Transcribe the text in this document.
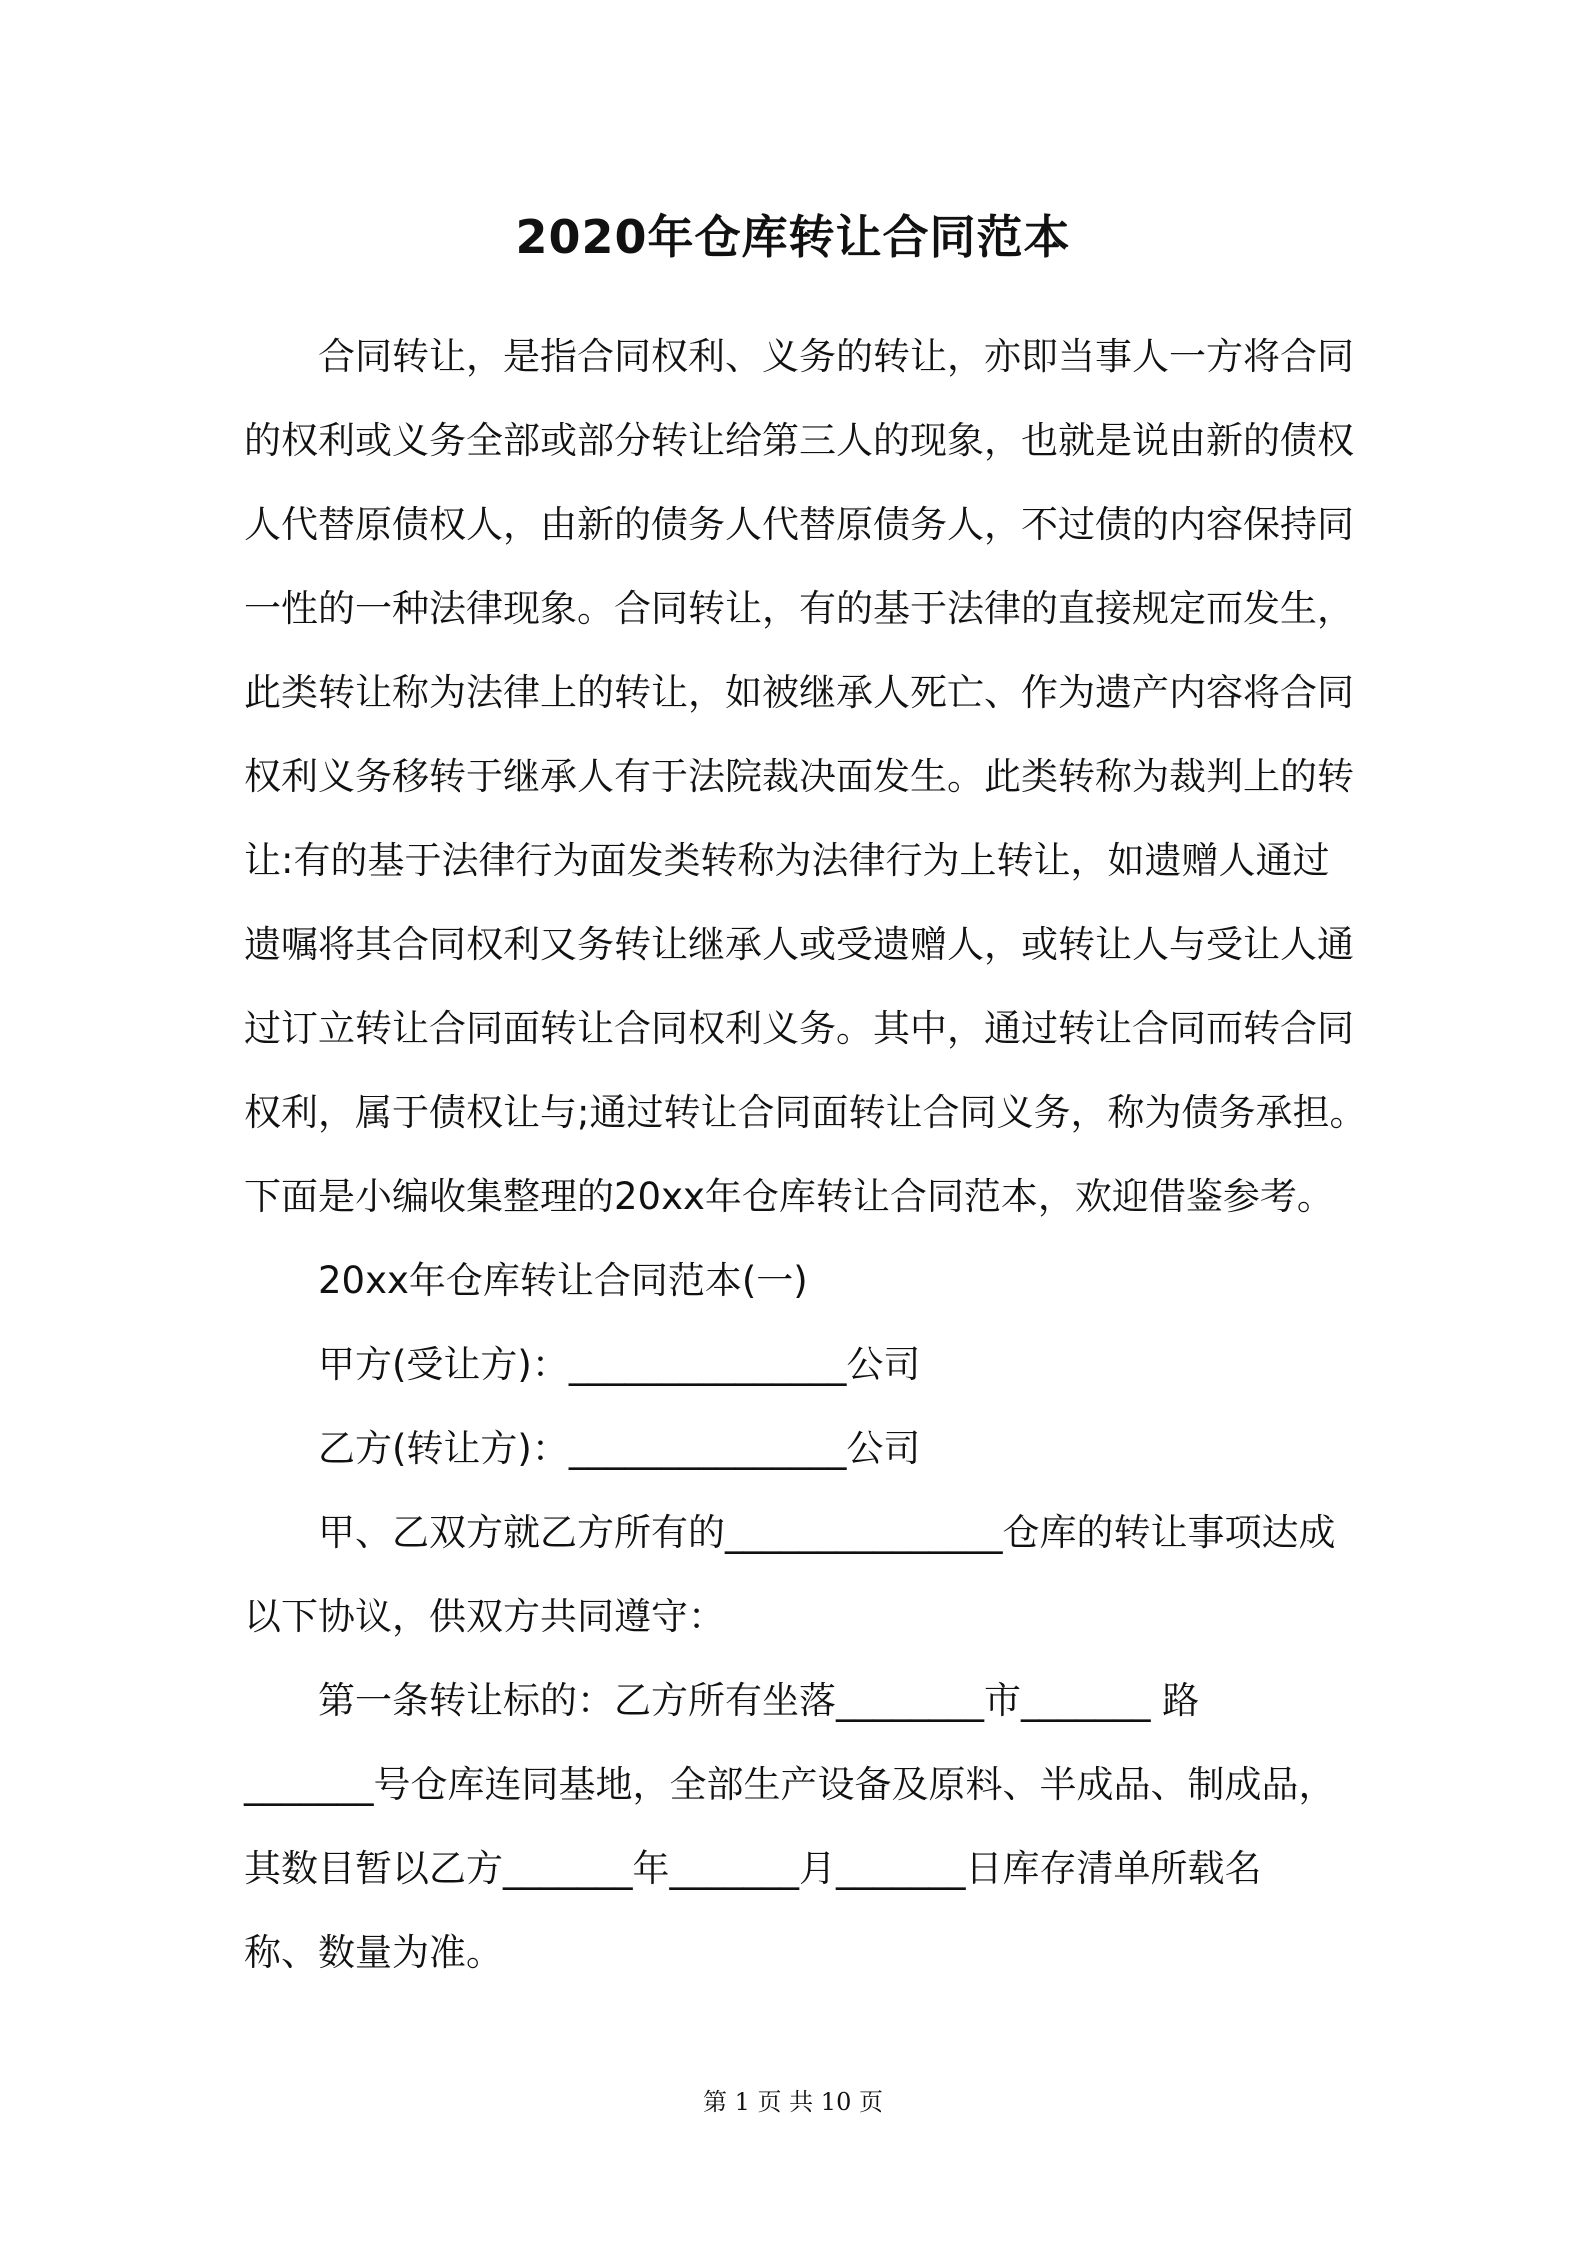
2020年仓库转让合同范本
　　合同转让，是指合同权利、义务的转让，亦即当事人一方将合同
的权利或义务全部或部分转让给第三人的现象，也就是说由新的债权
人代替原债权人，由新的债务人代替原债务人，不过债的内容保持同
一性的一种法律现象。合同转让，有的基于法律的直接规定而发生，
此类转让称为法律上的转让，如被继承人死亡、作为遗产内容将合同
权利义务移转于继承人有于法院裁决面发生。此类转称为裁判上的转
让:有的基于法律行为面发类转称为法律行为上转让，如遗赠人通过
遗嘱将其合同权利又务转让继承人或受遗赠人，或转让人与受让人通
过订立转让合同面转让合同权利义务。其中，通过转让合同而转合同
权利，属于债权让与;通过转让合同面转让合同义务，称为债务承担。
下面是小编收集整理的20xx年仓库转让合同范本，欢迎借鉴参考。
　　20xx年仓库转让合同范本(一)
　　甲方(受让方)：_______________公司
　　乙方(转让方)：_______________公司
　　甲、乙双方就乙方所有的_______________仓库的转让事项达成
以下协议，供双方共同遵守：
　　第一条转让标的：乙方所有坐落________市_______ 路
_______号仓库连同基地，全部生产设备及原料、半成品、制成品，
其数目暂以乙方_______年_______月_______日库存清单所载名
称、数量为准。
第 1 页 共 10 页
